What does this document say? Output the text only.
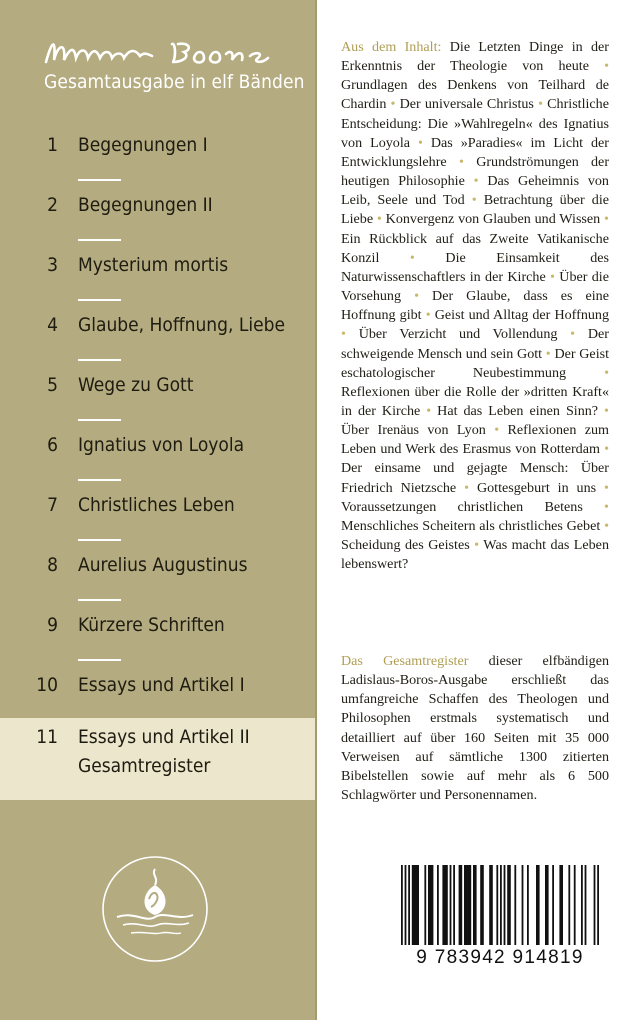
Gesamtausgabe in elf Bänden
1 Begegnungen I
2 Begegnungen II
3 Mysterium mortis
4 Glaube, Hoffnung, Liebe
5 Wege zu Gott
6 Ignatius von Loyola
7 Christliches Leben
8 Aurelius Augustinus
9 Kürzere Schriften
10 Essays und Artikel I
11 Essays und Artikel II
Gesamtregister
Aus dem Inhalt: Die Letzten Dinge in der Erkenntnis der Theologie von heute • Grundlagen des Denkens von Teilhard de Chardin • Der universale Christus • Christliche Entscheidung: Die »Wahlregeln« des Ignatius von Loyola • Das »Paradies« im Licht der Entwicklungslehre • Grundströmungen der heutigen Philosophie • Das Geheimnis von Leib, Seele und Tod • Betrachtung über die Liebe • Konvergenz von Glauben und Wissen • Ein Rückblick auf das Zweite Vatikanische Konzil • Die Einsamkeit des Naturwissenschaftlers in der Kirche • Über die Vorsehung • Der Glaube, dass es eine Hoffnung gibt • Geist und Alltag der Hoffnung • Über Verzicht und Vollendung • Der schweigende Mensch und sein Gott • Der Geist eschatologischer Neubestimmung	• Reflexionen über die Rolle der »dritten Kraft« in der Kirche • Hat das Leben einen Sinn? • Über Irenäus von Lyon • Reflexionen zum Leben und Werk des Erasmus von Rotterdam • Der einsame und gejagte Mensch: Über Friedrich Nietzsche • Gottesgeburt in uns • Voraussetzungen christlichen Betens • Menschliches Scheitern als christliches Gebet • Scheidung des Geistes • Was macht das Leben lebenswert?
Das Gesamtregister dieser elfbändigen Ladislaus-Boros-Ausgabe erschließt das umfangreiche Schaffen des Theologen und Philosophen erstmals systematisch und detailliert auf über 160 Seiten mit 35 000 Verweisen auf sämtliche 1300 zitierten Bibelstellen sowie auf mehr als 6 500 Schlagwörter und Personennamen.
9 783942 914819
